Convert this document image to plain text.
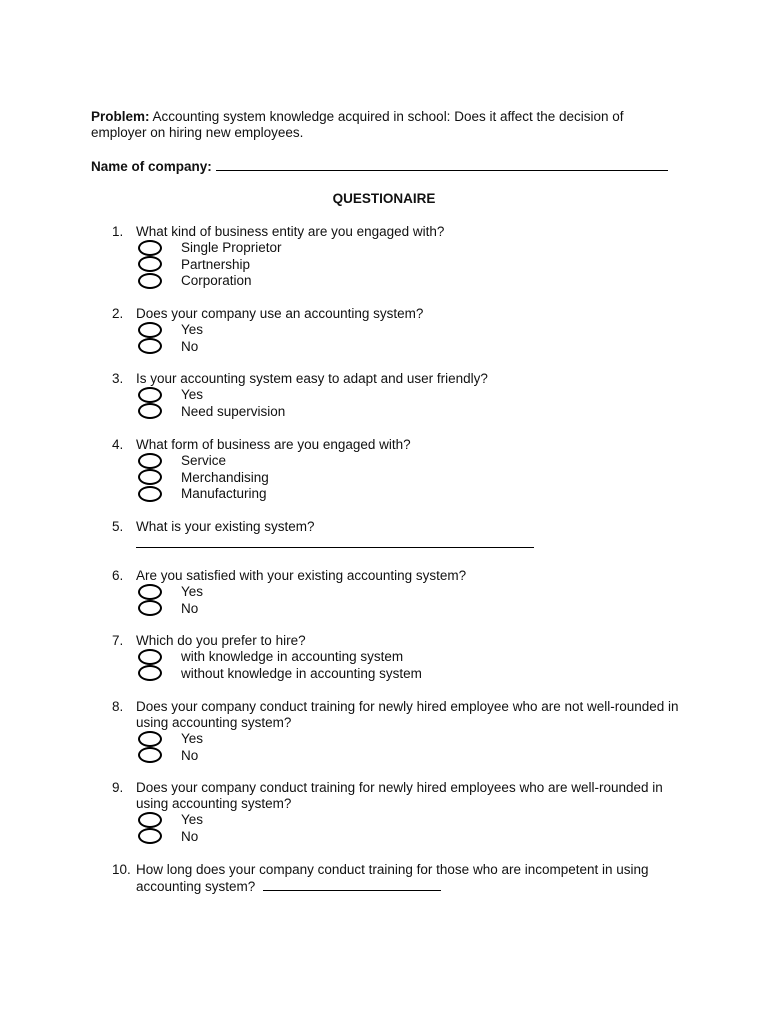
Problem: Accounting system knowledge acquired in school: Does it affect the decision of employer on hiring new employees.
Name of company:
QUESTIONAIRE
1. What kind of business entity are you engaged with?
Single Proprietor
Partnership
Corporation
2. Does your company use an accounting system?
Yes
No
3. Is your accounting system easy to adapt and user friendly?
Yes
Need supervision
4. What form of business are you engaged with?
Service
Merchandising
Manufacturing
5. What is your existing system?
6. Are you satisfied with your existing accounting system?
Yes
No
7. Which do you prefer to hire?
with knowledge in accounting system
without knowledge in accounting system
8. Does your company conduct training for newly hired employee who are not well-rounded in using accounting system?
Yes
No
9. Does your company conduct training for newly hired employees who are well-rounded in using accounting system?
Yes
No
10. How long does your company conduct training for those who are incompetent in using accounting system?
